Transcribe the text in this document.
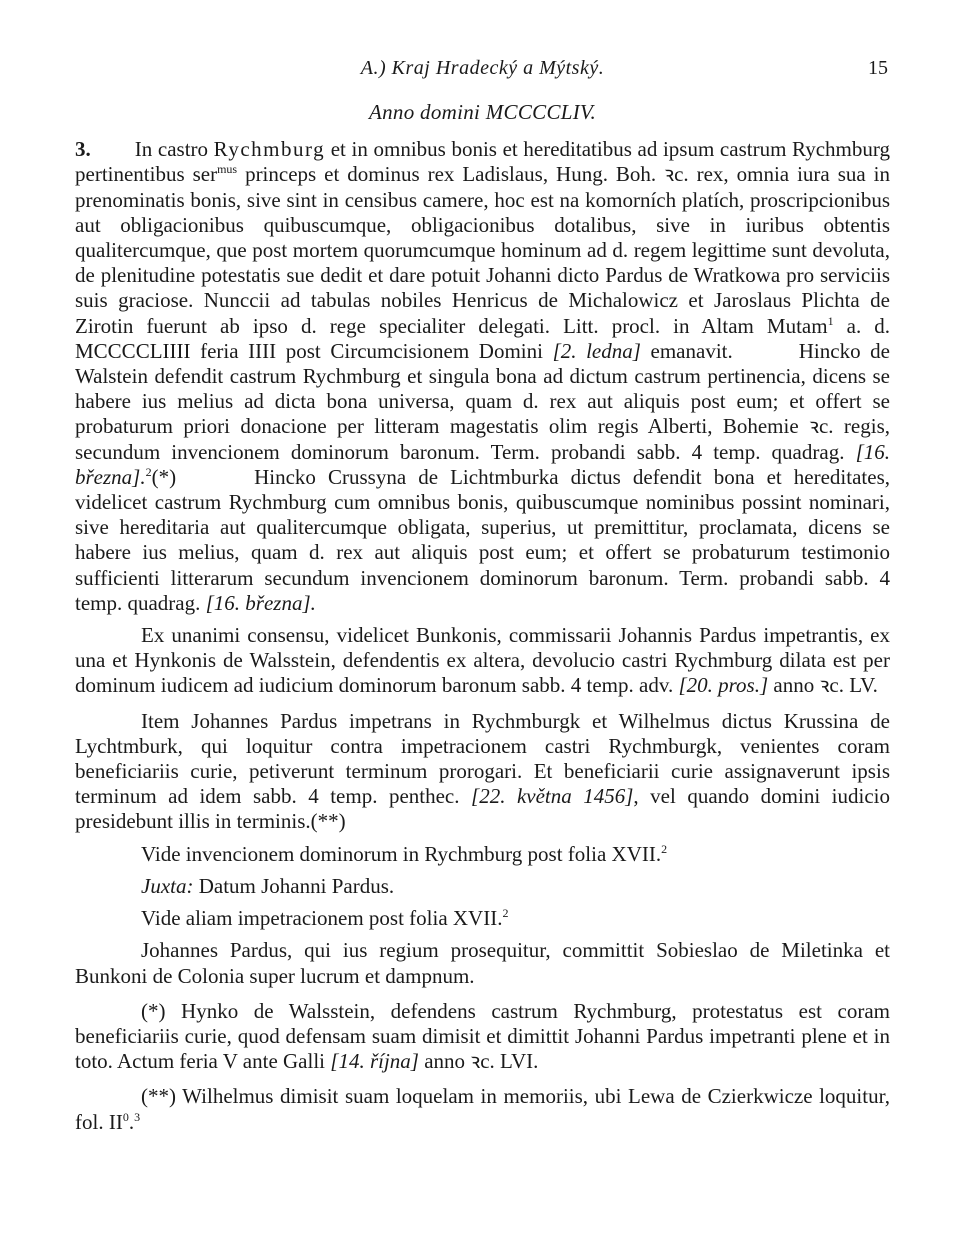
A.) Kraj Hradecký a Mýtský.	15
Anno domini MCCCCLIV.

3. In castro Rychmburg et in omnibus bonis et hereditatibus ad ipsum castrum Rychmburg pertinentibus ser$^{mus}$ princeps et dominus rex Ladislaus, Hung. Boh. ꝛc. rex, omnia iura sua in prenominatis bonis, sive sint in censibus camere, hoc est na komorních platích, proscripcionibus aut obligacionibus quibuscumque, obligacionibus dotalibus, sive in iuribus obtentis qualitercumque, que post mortem quorumcumque hominum ad d. regem legittime sunt devoluta, de plenitudine potestatis sue dedit et dare potuit Johanni dicto Pardus de Wratkowa pro serviciis suis graciose. Nunccii ad tabulas nobiles Henricus de Michalowicz et Jaroslaus Plichta de Zirotin fuerunt ab ipso d. rege specialiter delegati. Litt. procl. in Altam Mutam$^1$ a. d. MCCCCLIIII feria IIII post Circumcisionem Domini [2. ledna] emanavit.	Hincko de Walstein defendit castrum Rychmburg et singula bona ad dictum castrum pertinencia, dicens se habere ius melius ad dicta bona universa, quam d. rex aut aliquis post eum; et offert se probaturum priori donacione per litteram magestatis olim regis Alberti, Bohemie ꝛc. regis, secundum invencionem dominorum baronum. Term. probandi sabb. 4 temp. quadrag. [16. března].$^2$(*)	Hincko Crussyna de Lichtmburka dictus defendit bona et hereditates, videlicet castrum Rychmburg cum omnibus bonis, quibuscumque nominibus possint nominari, sive hereditaria aut qualitercumque obligata, superius, ut premittitur, proclamata, dicens se habere ius melius, quam d. rex aut aliquis post eum; et offert se probaturum testimonio sufficienti litterarum secundum invencionem dominorum baronum. Term. probandi sabb. 4 temp. quadrag. [16. března].

Ex unanimi consensu, videlicet Bunkonis, commissarii Johannis Pardus impetrantis, ex una et Hynkonis de Walsstein, defendentis ex altera, devolucio castri Rychmburg dilata est per dominum iudicem ad iudicium dominorum baronum sabb. 4 temp. adv. [20. pros.] anno ꝛc. LV.

Item Johannes Pardus impetrans in Rychmburgk et Wilhelmus dictus Krussina de Lychtmburk, qui loquitur contra impetracionem castri Rychmburgk, venientes coram beneficiariis curie, petiverunt terminum prorogari. Et beneficiarii curie assignaverunt ipsis terminum ad idem sabb. 4 temp. penthec. [22. května 1456], vel quando domini iudicio presidebunt illis in terminis.(**)

Vide invencionem dominorum in Rychmburg post folia XVII.$^2$

Juxta: Datum Johanni Pardus.

Vide aliam impetracionem post folia XVII.$^2$

Johannes Pardus, qui ius regium prosequitur, committit Sobieslao de Miletinka et Bunkoni de Colonia super lucrum et dampnum.

(*) Hynko de Walsstein, defendens castrum Rychmburg, protestatus est coram beneficiariis curie, quod defensam suam dimisit et dimittit Johanni Pardus impetranti plene et in toto. Actum feria V ante Galli [14. října] anno ꝛc. LVI.

(**) Wilhelmus dimisit suam loquelam in memoriis, ubi Lewa de Czierkwicze loquitur, fol. $II^0.^3$
